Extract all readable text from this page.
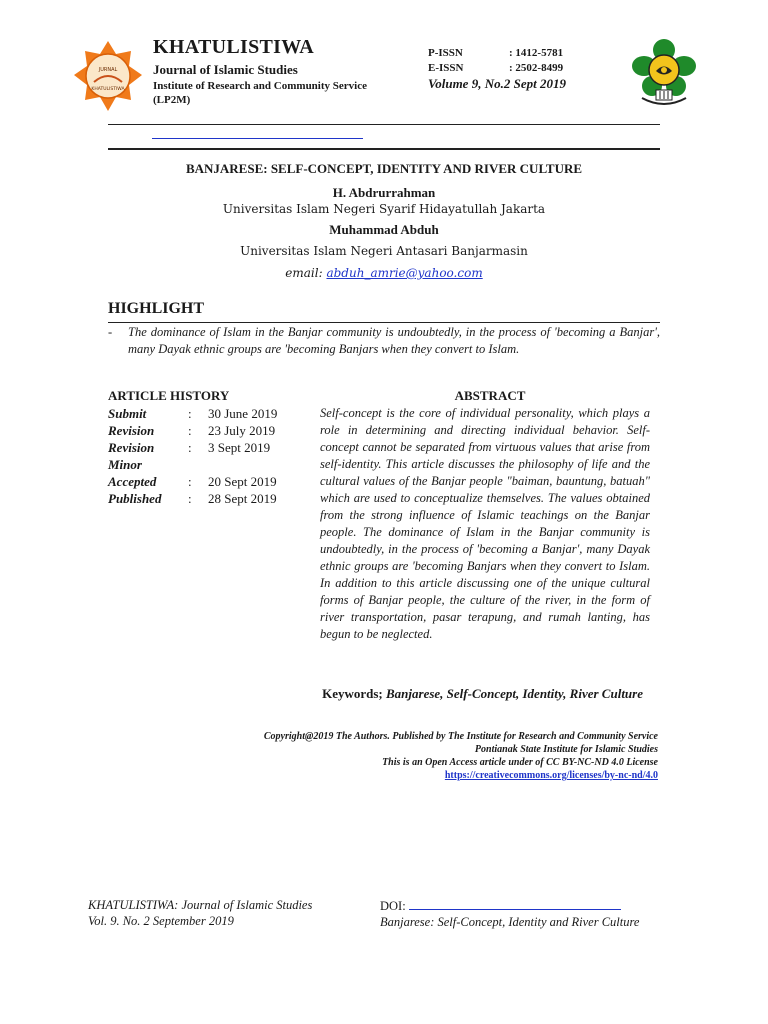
JURNAL
KHATULISTIWA
KHATULISTIWA
Journal of Islamic Studies
Institute of Research and Community Service
(LP2M)
P-ISSN	: 1412-5781
E-ISSN	: 2502-8499
Volume 9, No.2 Sept 2019
BANJARESE: SELF-CONCEPT, IDENTITY AND RIVER CULTURE
H. Abdrurrahman
Universitas Islam Negeri Syarif Hidayatullah Jakarta
Muhammad Abduh
Universitas Islam Negeri Antasari Banjarmasin
email: abduh_amrie@yahoo.com
HIGHLIGHT
- The dominance of Islam in the Banjar community is undoubtedly, in the process of 'becoming a Banjar', many Dayak ethnic groups are 'becoming Banjars when they convert to Islam.
ARTICLE HISTORY
Submit	:	30 June 2019
Revision	:	23 July 2019
Revision	:	3 Sept 2019
Minor
Accepted	:	20 Sept 2019
Published	:	28 Sept 2019
ABSTRACT
Self-concept is the core of individual personality, which plays a role in determining and directing individual behavior. Self-concept cannot be separated from virtuous values that arise from self-identity. This article discusses the philosophy of life and the cultural values of the Banjar people "baiman, bauntung, batuah" which are used to conceptualize themselves. The values obtained from the strong influence of Islamic teachings on the Banjar people. The dominance of Islam in the Banjar community is undoubtedly, in the process of 'becoming a Banjar', many Dayak ethnic groups are 'becoming Banjars when they convert to Islam. In addition to this article discussing one of the unique cultural forms of Banjar people, the culture of the river, in the form of river transportation, pasar terapung, and rumah lanting, has begun to be neglected.
Keywords; Banjarese, Self-Concept, Identity, River Culture
Copyright@2019 The Authors. Published by The Institute for Research and Community Service
Pontianak State Institute for Islamic Studies
This is an Open Access article under of CC BY-NC-ND 4.0 License
https://creativecommons.org/licenses/by-nc-nd/4.0
KHATULISTIWA: Journal of Islamic Studies
Vol. 9. No. 2 September 2019
DOI:
Banjarese: Self-Concept, Identity and River Culture
